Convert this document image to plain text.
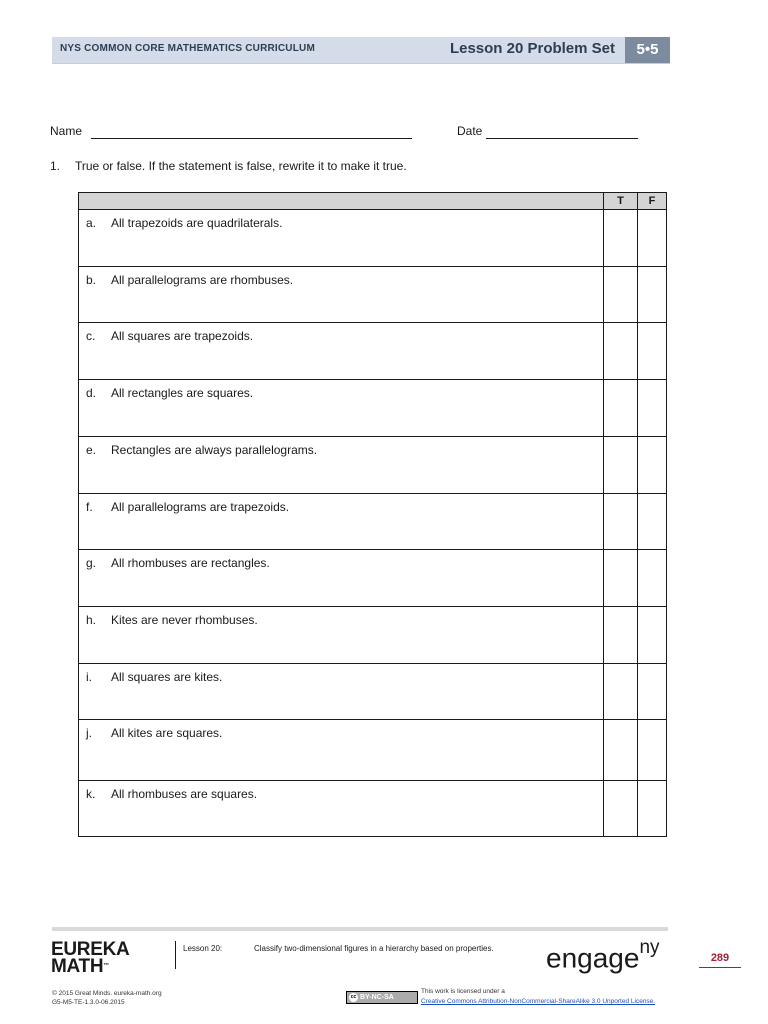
NYS COMMON CORE MATHEMATICS CURRICULUM	Lesson 20 Problem Set	5•5
Name	Date
1. True or false. If the statement is false, rewrite it to make it true.
	T	F

a. All trapezoids are quadrilaterals.		

b. All parallelograms are rhombuses.		

c. All squares are trapezoids.		

d. All rectangles are squares.		

e. Rectangles are always parallelograms.		

f. All parallelograms are trapezoids.		

g. All rhombuses are rectangles.		

h. Kites are never rhombuses.		

i. All squares are kites.		

j. All kites are squares.		

k. All rhombuses are squares.		

EUREKA
MATH™
Lesson 20:	Classify two-dimensional figures in a hierarchy based on properties. engage$^{ny}$	289
© 2015 Great Minds. eureka-math.org
G5-M5-TE-1.3.0-06.2015
cc BY-NC-SA
This work is licensed under a
Creative Commons Attribution-NonCommercial-ShareAlike 3.0 Unported License.
